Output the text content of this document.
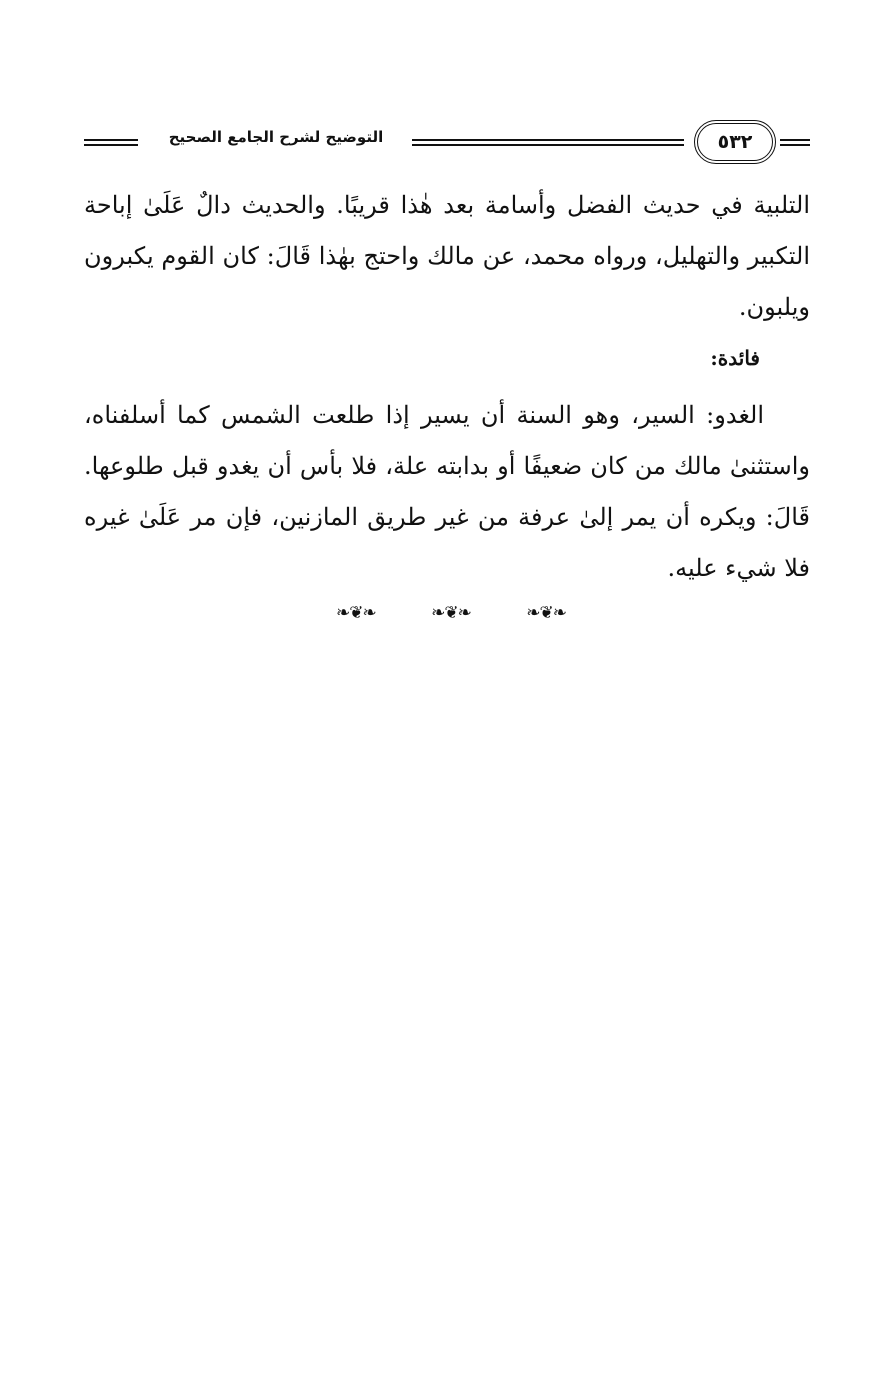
التوضيح لشرح الجامع الصحيح	٥٣٢

التلبية في حديث الفضل وأسامة بعد هٰذا قريبًا. والحديث دالٌ عَلَىٰ إباحة التكبير والتهليل، ورواه محمد، عن مالك واحتج بهٰذا قَالَ: كان القوم يكبرون ويلبون.

فائدة:

الغدو: السير، وهو السنة أن يسير إذا طلعت الشمس كما أسلفناه، واستثنىٰ مالك من كان ضعيفًا أو بدابته علة، فلا بأس أن يغدو قبل طلوعها. قَالَ: ويكره أن يمر إلىٰ عرفة من غير طريق المازنين، فإن مر عَلَىٰ غيره فلا شيء عليه.

❧❦❧	❧❦❧	❧❦❧
